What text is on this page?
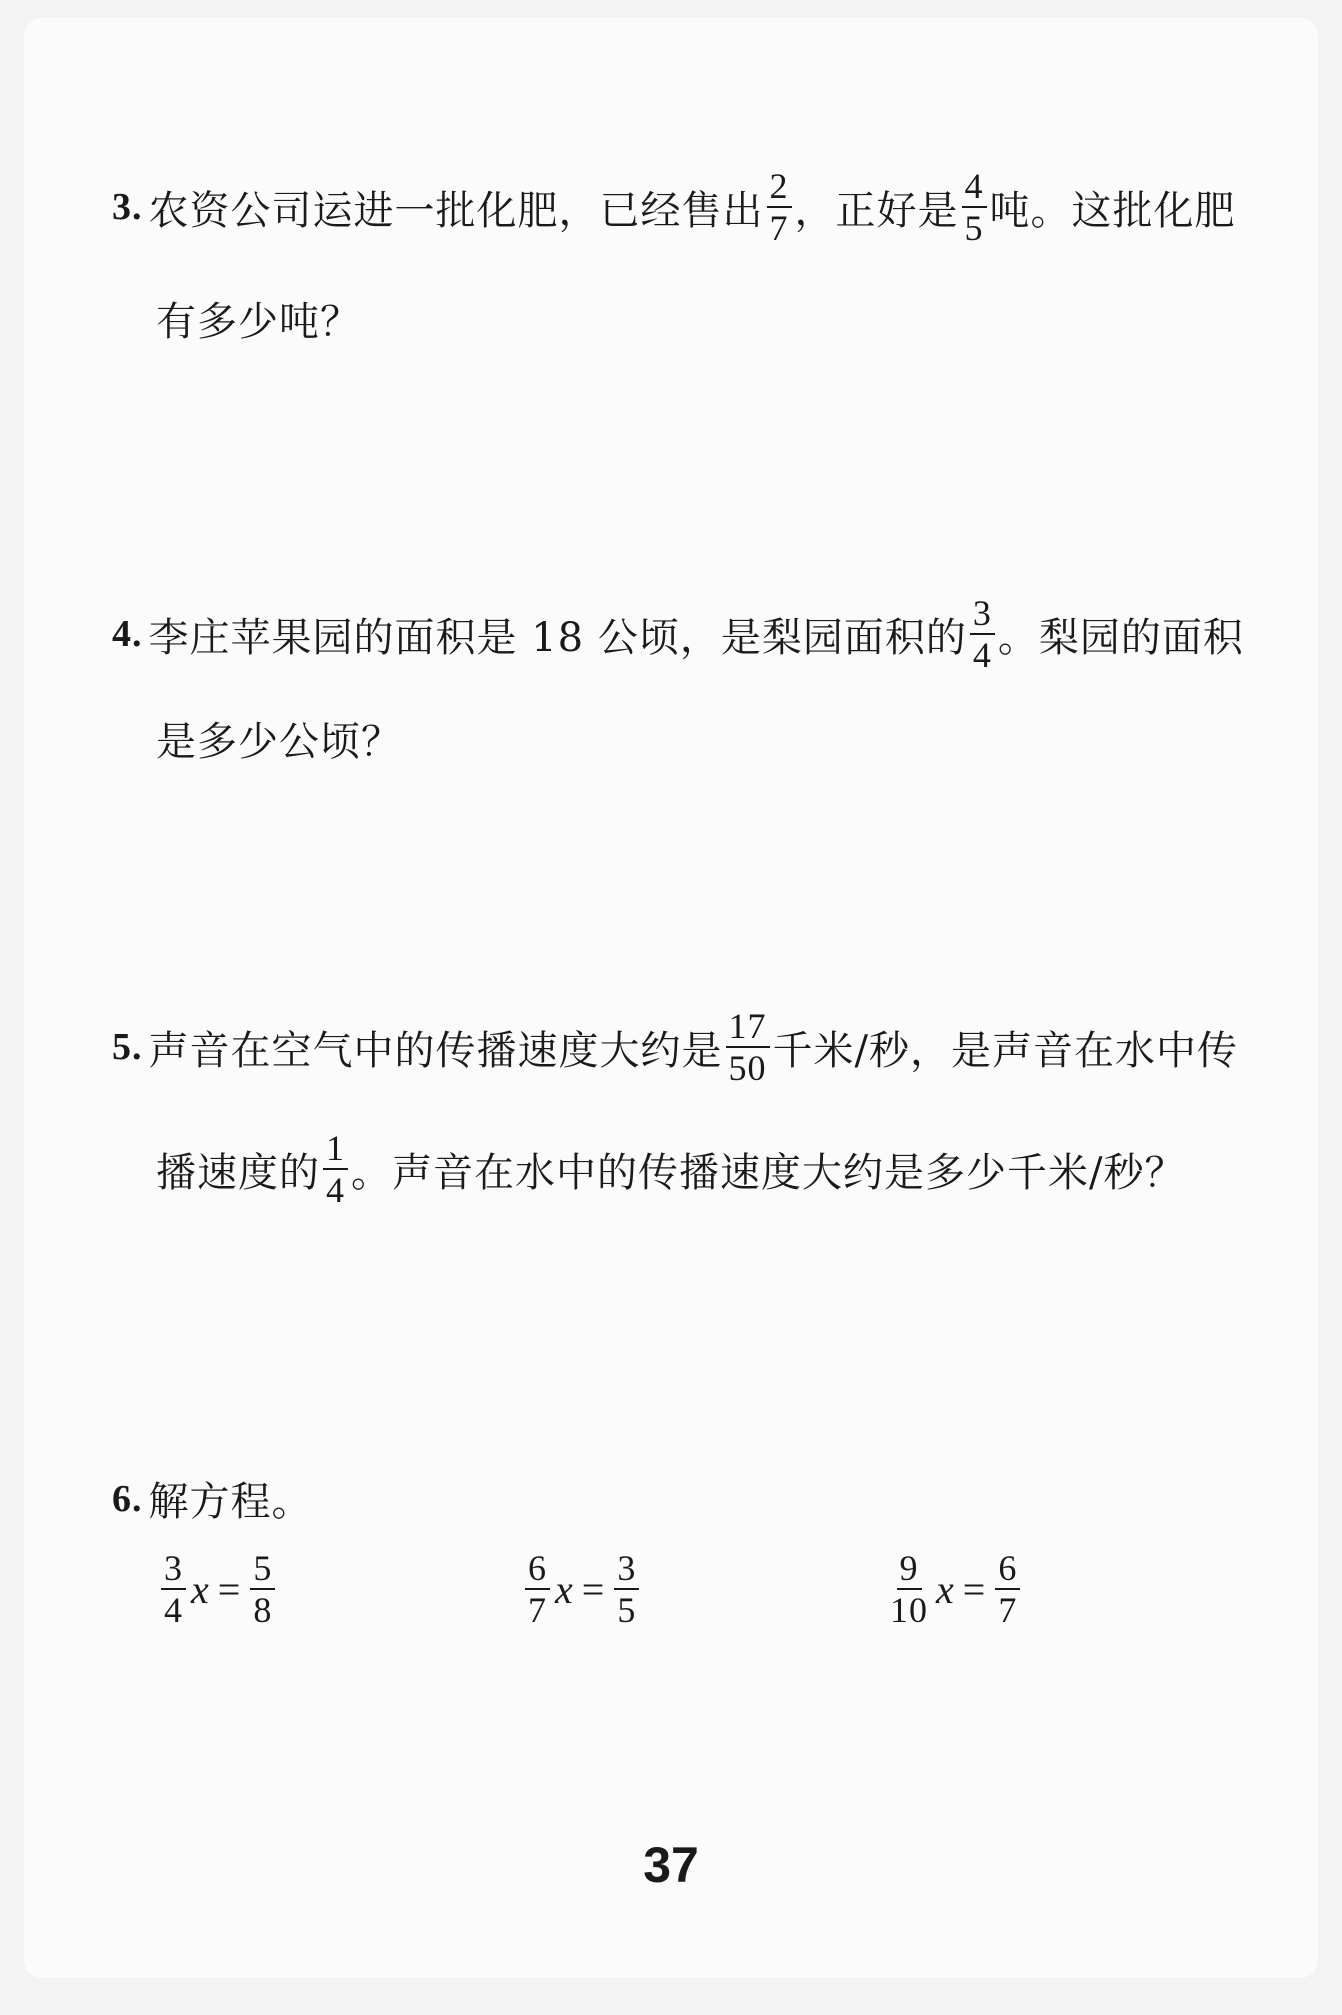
3. 农资公司运进一批化肥，已经售出 $\frac{2}{7}$ ，正好是 $\frac{4}{5}$ 吨。这批化肥
有多少吨？
4. 李庄苹果园的面积是 18 公顷，是梨园面积的 $\frac{3}{4}$ 。梨园的面积
是多少公顷？
5. 声音在空气中的传播速度大约是 $\frac{17}{50}$ 千米/秒，是声音在水中传
播速度的 $\frac{1}{4}$ 。声音在水中的传播速度大约是多少千米/秒？
6. 解方程。
$\frac{3}{4}$ $x = \frac{5}{8}$	$\frac{6}{7}$ $x = \frac{3}{5}$	$\frac{9}{10}$ $x = \frac{6}{7}$
37
